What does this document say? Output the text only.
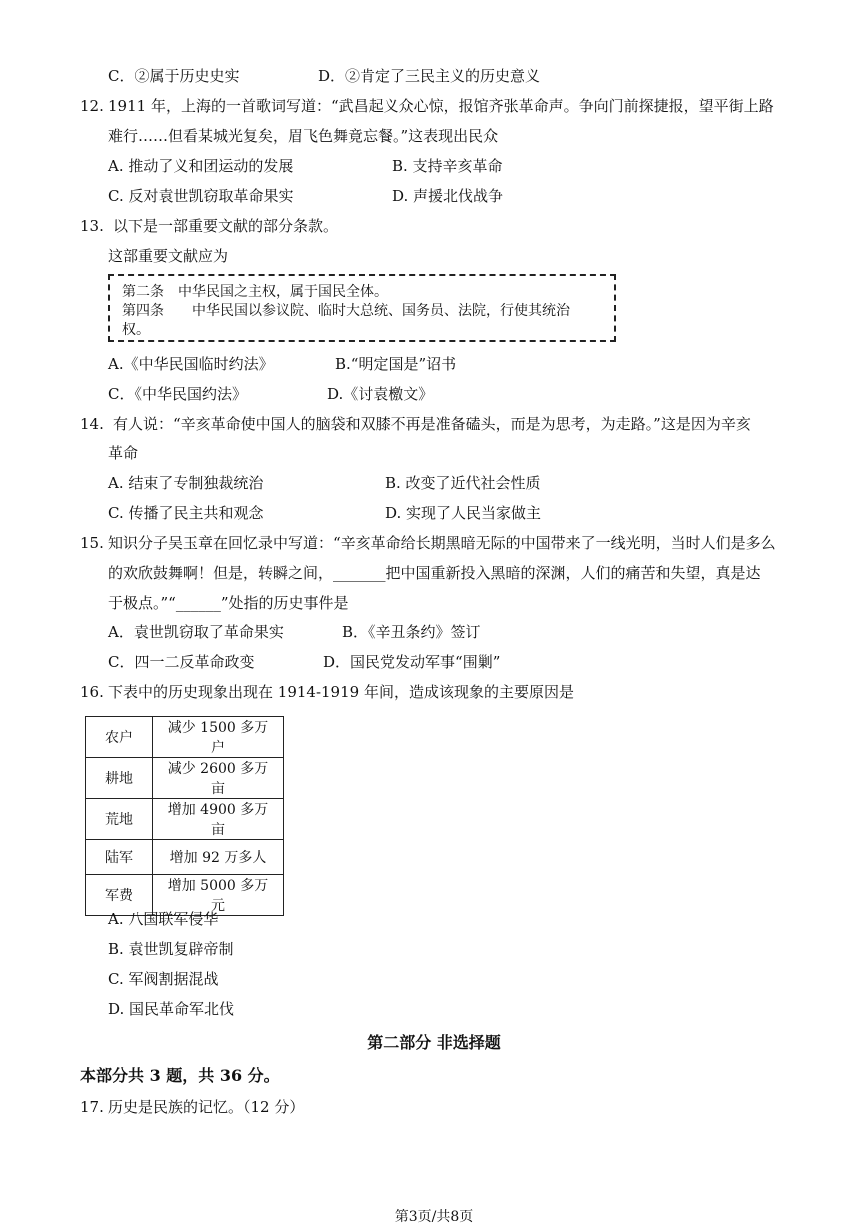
C．②属于历史史实	D．②肯定了三民主义的历史意义
12. 1911 年，上海的一首歌词写道：“武昌起义众心惊，报馆齐张革命声。争向门前探捷报，望平街上路
难行……但看某城光复矣，眉飞色舞竟忘餐。”这表现出民众
A. 推动了义和团运动的发展	B. 支持辛亥革命
C. 反对袁世凯窃取革命果实	D. 声援北伐战争
13. 以下是一部重要文献的部分条款。
这部重要文献应为
第二条　中华民国之主权，属于国民全体。
第四条　　中华民国以参议院、临时大总统、国务员、法院，行使其统治
权。
A.《中华民国临时约法》	B.“明定国是”诏书
C．《中华民国约法》	D.《讨袁檄文》
14. 有人说：“辛亥革命使中国人的脑袋和双膝不再是准备磕头，而是为思考，为走路。”这是因为辛亥
革命
A. 结束了专制独裁统治	B. 改变了近代社会性质
C. 传播了民主共和观念	D. 实现了人民当家做主
15. 知识分子吴玉章在回忆录中写道：“辛亥革命给长期黑暗无际的中国带来了一线光明，当时人们是多么
的欢欣鼓舞啊！但是，转瞬之间，_______把中国重新投入黑暗的深渊，人们的痛苦和失望，真是达
于极点。”“______”处指的历史事件是
A．袁世凯窃取了革命果实	B．《辛丑条约》签订
C．四一二反革命政变	D．国民党发动军事“围剿”
16. 下表中的历史现象出现在 1914-1919 年间，造成该现象的主要原因是
农户	减少 1500 多万户
耕地	减少 2600 多万亩
荒地	增加 4900 多万亩
陆军	增加 92 万多人
军费	增加 5000 多万元
A. 八国联军侵华
B. 袁世凯复辟帝制
C. 军阀割据混战
D. 国民革命军北伐
第二部分 非选择题
本部分共 3 题，共 36 分。
17. 历史是民族的记忆。（12 分）
第3页/共8页
